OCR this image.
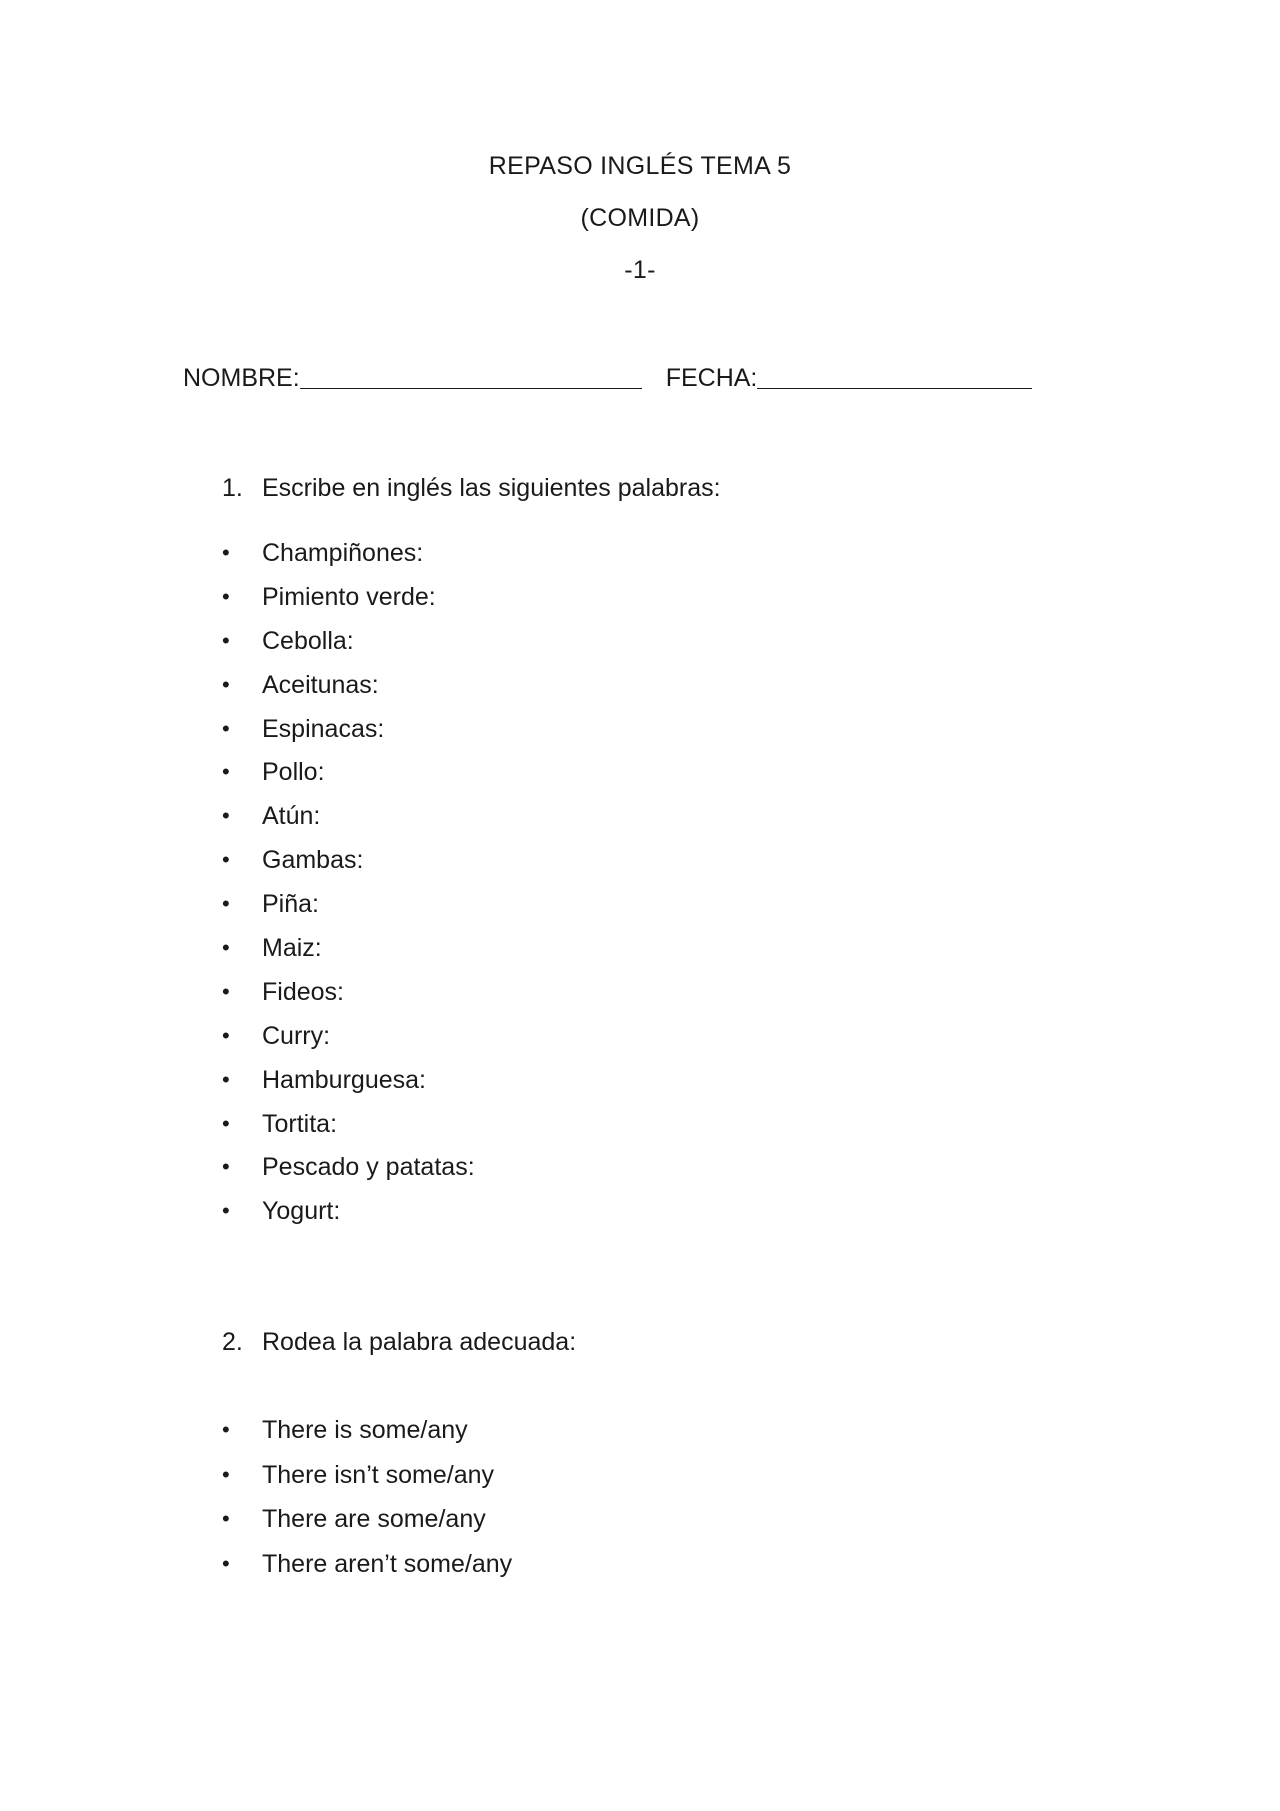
REPASO INGLÉS TEMA 5
(COMIDA)
-1-
NOMBRE:	FECHA:
1. Escribe en inglés las siguientes palabras:
•	Champiñones:
•	Pimiento verde:
•	Cebolla:
•	Aceitunas:
•	Espinacas:
•	Pollo:
•	Atún:
•	Gambas:
•	Piña:
•	Maiz:
•	Fideos:
•	Curry:
•	Hamburguesa:
•	Tortita:
•	Pescado y patatas:
•	Yogurt:
2. Rodea la palabra adecuada:
•	There is some/any
•	There isn’t some/any
•	There are some/any
•	There aren’t some/any
